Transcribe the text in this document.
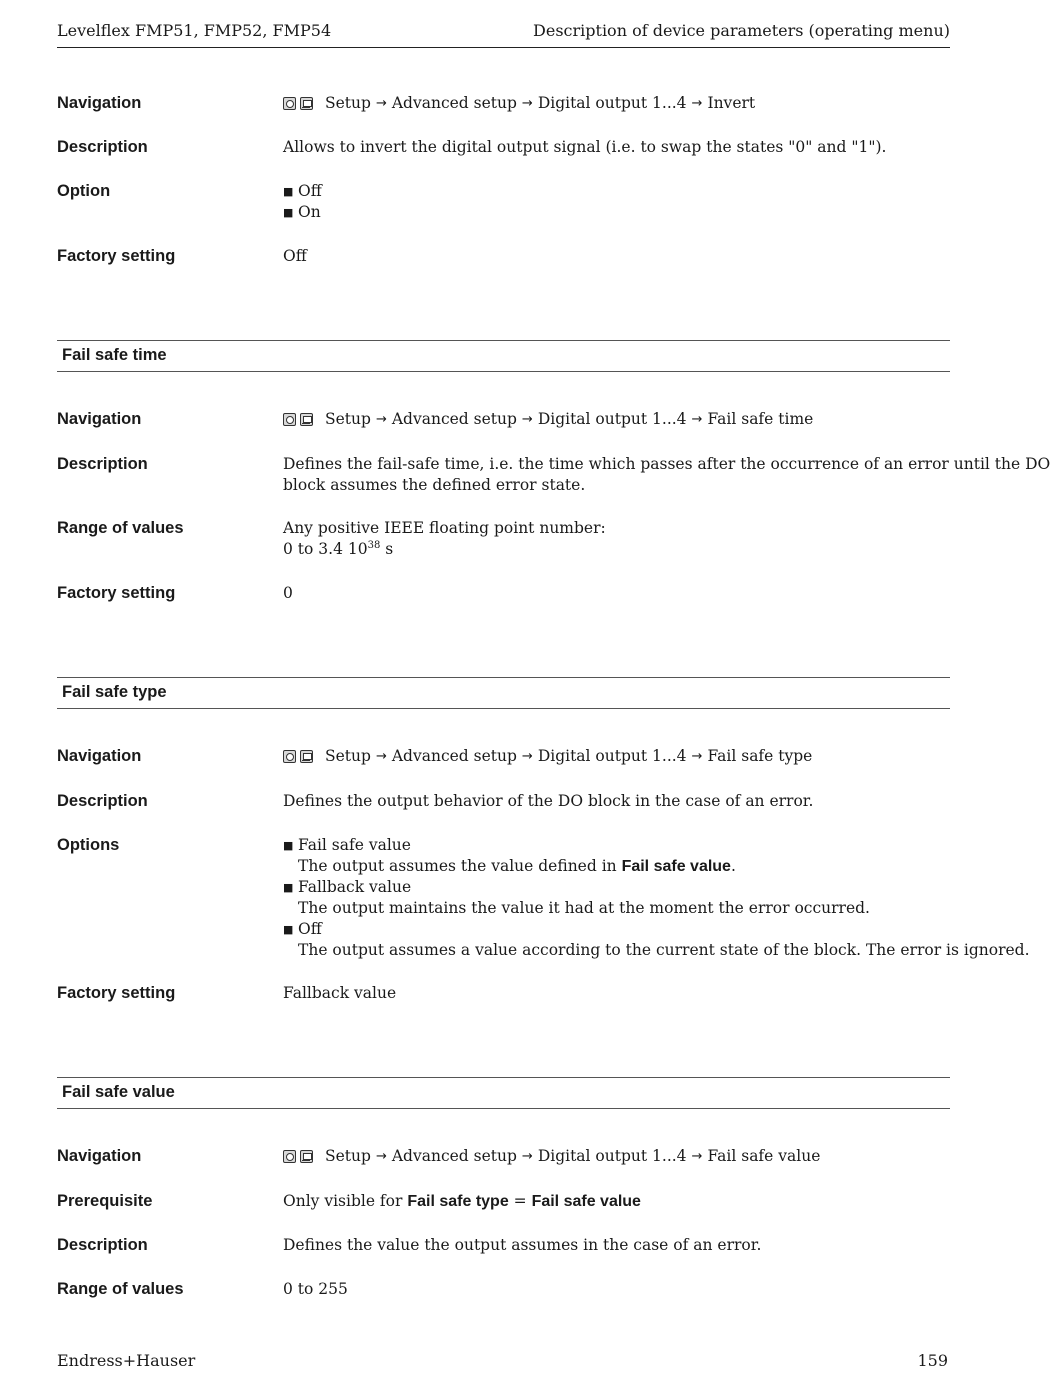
Levelflex FMP51, FMP52, FMP54	Description of device parameters (operating menu)
Navigation	Setup → Advanced setup → Digital output 1...4 → Invert
Description	Allows to invert the digital output signal (i.e. to swap the states "0" and "1").
Option	■ Off
■ On
Factory setting	Off
Fail safe time
Navigation	Setup → Advanced setup → Digital output 1...4 → Fail safe time
Description	Defines the fail-safe time, i.e. the time which passes after the occurrence of an error until the DO
block assumes the defined error state.
Range of values	Any positive IEEE floating point number:
0 to 3.4 $10^{38}$ s
Factory setting	0
Fail safe type
Navigation	Setup → Advanced setup → Digital output 1...4 → Fail safe type
Description	Defines the output behavior of the DO block in the case of an error.
Options	■ Fail safe value
The output assumes the value defined in Fail safe value.
■ Fallback value
The output maintains the value it had at the moment the error occurred.
■ Off
The output assumes a value according to the current state of the block. The error is ignored.
Factory setting	Fallback value
Fail safe value
Navigation	Setup → Advanced setup → Digital output 1...4 → Fail safe value
Prerequisite	Only visible for Fail safe type = Fail safe value
Description	Defines the value the output assumes in the case of an error.
Range of values	0 to 255
Endress+Hauser	159
